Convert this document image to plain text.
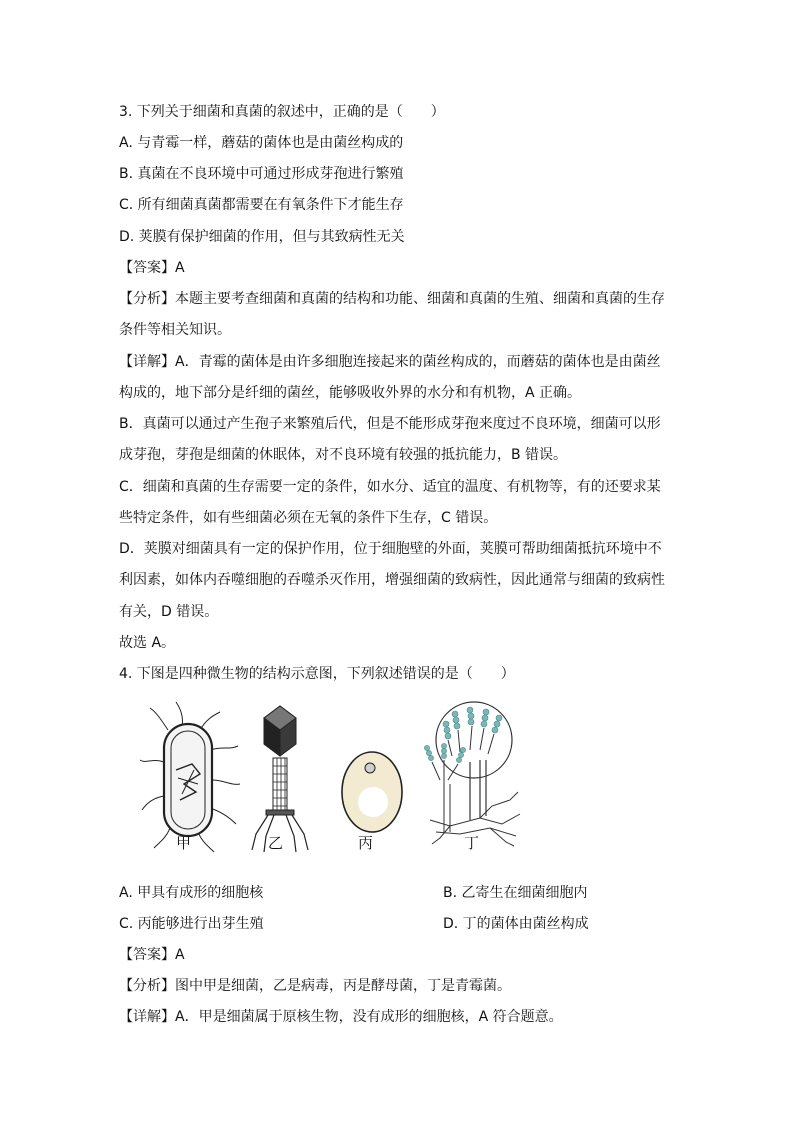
3. 下列关于细菌和真菌的叙述中，正确的是（　　）
A. 与青霉一样，蘑菇的菌体也是由菌丝构成的
B. 真菌在不良环境中可通过形成芽孢进行繁殖
C. 所有细菌真菌都需要在有氧条件下才能生存
D. 荚膜有保护细菌的作用，但与其致病性无关
【答案】A
【分析】本题主要考查细菌和真菌的结构和功能、细菌和真菌的生殖、细菌和真菌的生存
条件等相关知识。
【详解】A．青霉的菌体是由许多细胞连接起来的菌丝构成的，而蘑菇的菌体也是由菌丝
构成的，地下部分是纤细的菌丝，能够吸收外界的水分和有机物，A 正确。
B．真菌可以通过产生孢子来繁殖后代，但是不能形成芽孢来度过不良环境，细菌可以形
成芽孢，芽孢是细菌的休眠体，对不良环境有较强的抵抗能力，B 错误。
C．细菌和真菌的生存需要一定的条件，如水分、适宜的温度、有机物等，有的还要求某
些特定条件，如有些细菌必须在无氧的条件下生存，C 错误。
D．荚膜对细菌具有一定的保护作用，位于细胞壁的外面，荚膜可帮助细菌抵抗环境中不
利因素，如体内吞噬细胞的吞噬杀灭作用，增强细菌的致病性，因此通常与细菌的致病性
有关，D 错误。
故选 A。
4. 下图是四种微生物的结构示意图，下列叙述错误的是（　　）
甲	乙	丙	丁
A. 甲具有成形的细胞核	B. 乙寄生在细菌细胞内
C. 丙能够进行出芽生殖	D. 丁的菌体由菌丝构成
【答案】A
【分析】图中甲是细菌，乙是病毒，丙是酵母菌，丁是青霉菌。
【详解】A．甲是细菌属于原核生物，没有成形的细胞核，A 符合题意。
